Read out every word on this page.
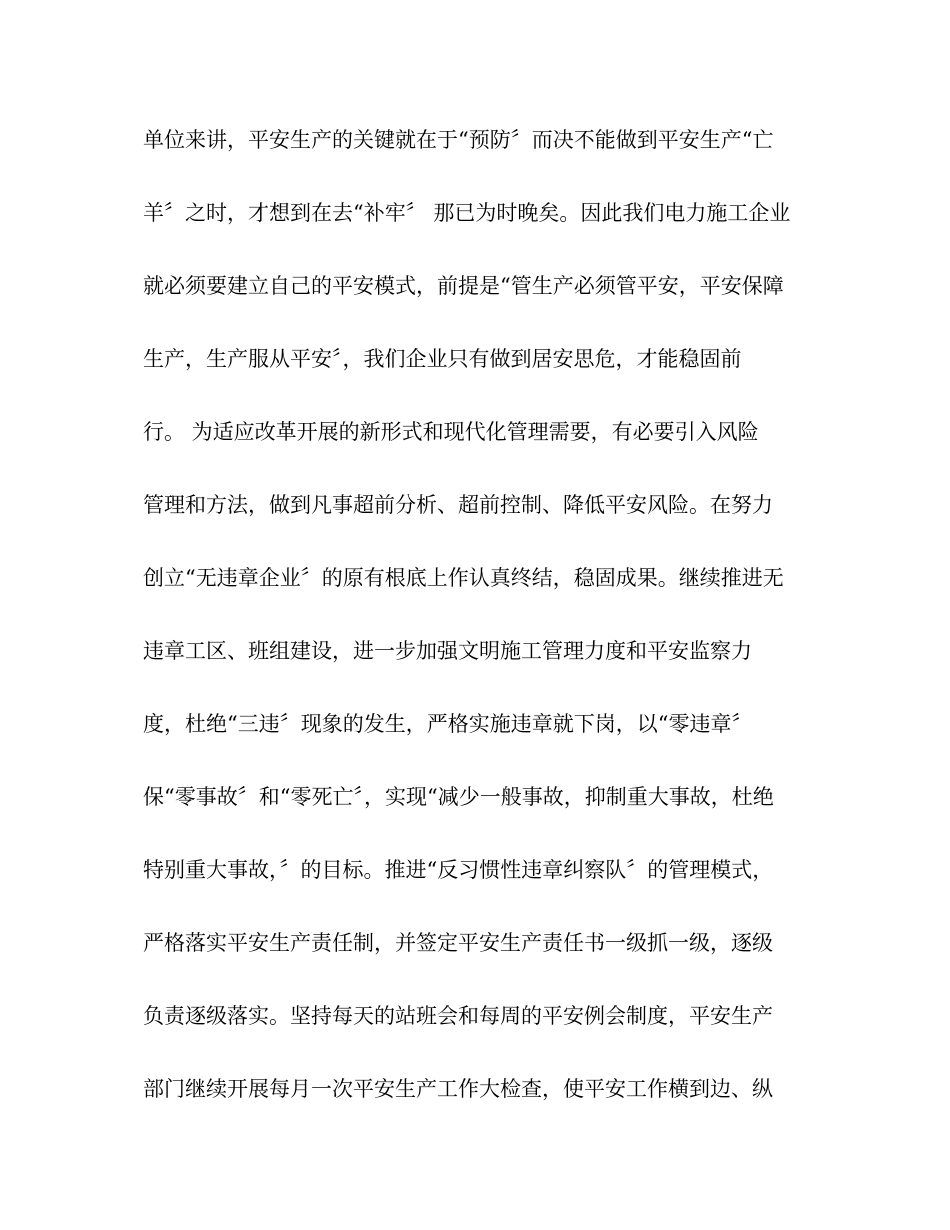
单位来讲，平安生产的关键就在于“预防〞而决不能做到平安生产“亡
羊〞之时，才想到在去“补牢〞 那已为时晚矣。因此我们电力施工企业
就必须要建立自己的平安模式，前提是“管生产必须管平安，平安保障
生产，生产服从平安〞，我们企业只有做到居安思危，才能稳固前
行。 为适应改革开展的新形式和现代化管理需要，有必要引入风险
管理和方法，做到凡事超前分析、超前控制、降低平安风险。在努力
创立“无违章企业〞的原有根底上作认真终结，稳固成果。继续推进无
违章工区、班组建设，进一步加强文明施工管理力度和平安监察力
度，杜绝“三违〞现象的发生，严格实施违章就下岗，以“零违章〞
保“零事故〞和“零死亡〞，实现“减少一般事故，抑制重大事故，杜绝
特别重大事故，〞的目标。推进“反习惯性违章纠察队〞的管理模式，
严格落实平安生产责任制，并签定平安生产责任书一级抓一级，逐级
负责逐级落实。坚持每天的站班会和每周的平安例会制度，平安生产
部门继续开展每月一次平安生产工作大检查，使平安工作横到边、纵
